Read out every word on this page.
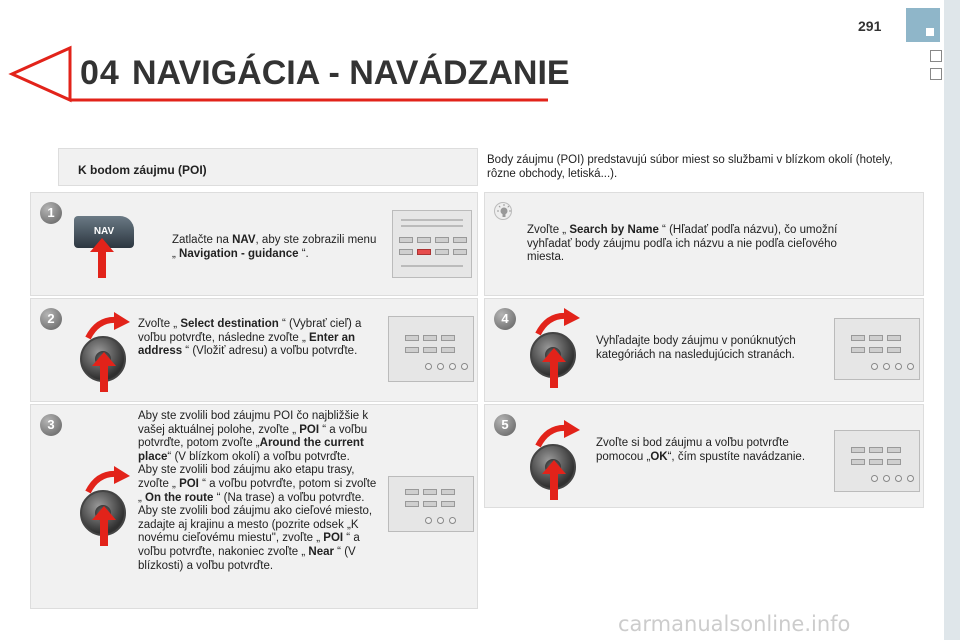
291
04 NAVIGÁCIA - NAVÁDZANIE
K bodom záujmu (POI)
Body záujmu (POI) predstavujú súbor miest so službami v blízkom okolí (hotely, rôzne obchody, letiská...).
1
2
3
4
5
NAV
Zatlačte na NAV, aby ste zobrazili menu „ Navigation - guidance “.
Zvoľte „ Select destination “ (Vybrať cieľ) a voľbu potvrďte, následne zvoľte „ Enter an address “ (Vložiť adresu) a voľbu potvrďte.
Aby ste zvolili bod záujmu POI čo najbližšie k vašej aktuálnej polohe, zvoľte „ POI “ a voľbu potvrďte, potom zvoľte „Around the current place“ (V blízkom okolí) a voľbu potvrďte.
Aby ste zvolili bod záujmu ako etapu trasy, zvoľte „ POI “ a voľbu potvrďte, potom si zvoľte „ On the route “ (Na trase) a voľbu potvrďte.
Aby ste zvolili bod záujmu ako cieľové miesto, zadajte aj krajinu a mesto (pozrite odsek „K novému cieľovému miestu", zvoľte „ POI “ a voľbu potvrďte, nakoniec zvoľte „ Near “ (V blízkosti) a voľbu potvrďte.
Zvoľte „ Search by Name “ (Hľadať podľa názvu), čo umožní vyhľadať body záujmu podľa ich názvu a nie podľa cieľového miesta.
Vyhľadajte body záujmu v ponúknutých kategóriách na nasledujúcich stranách.
Zvoľte si bod záujmu a voľbu potvrďte pomocou „OK“, čím spustíte navádzanie.
carmanualsonline.info
